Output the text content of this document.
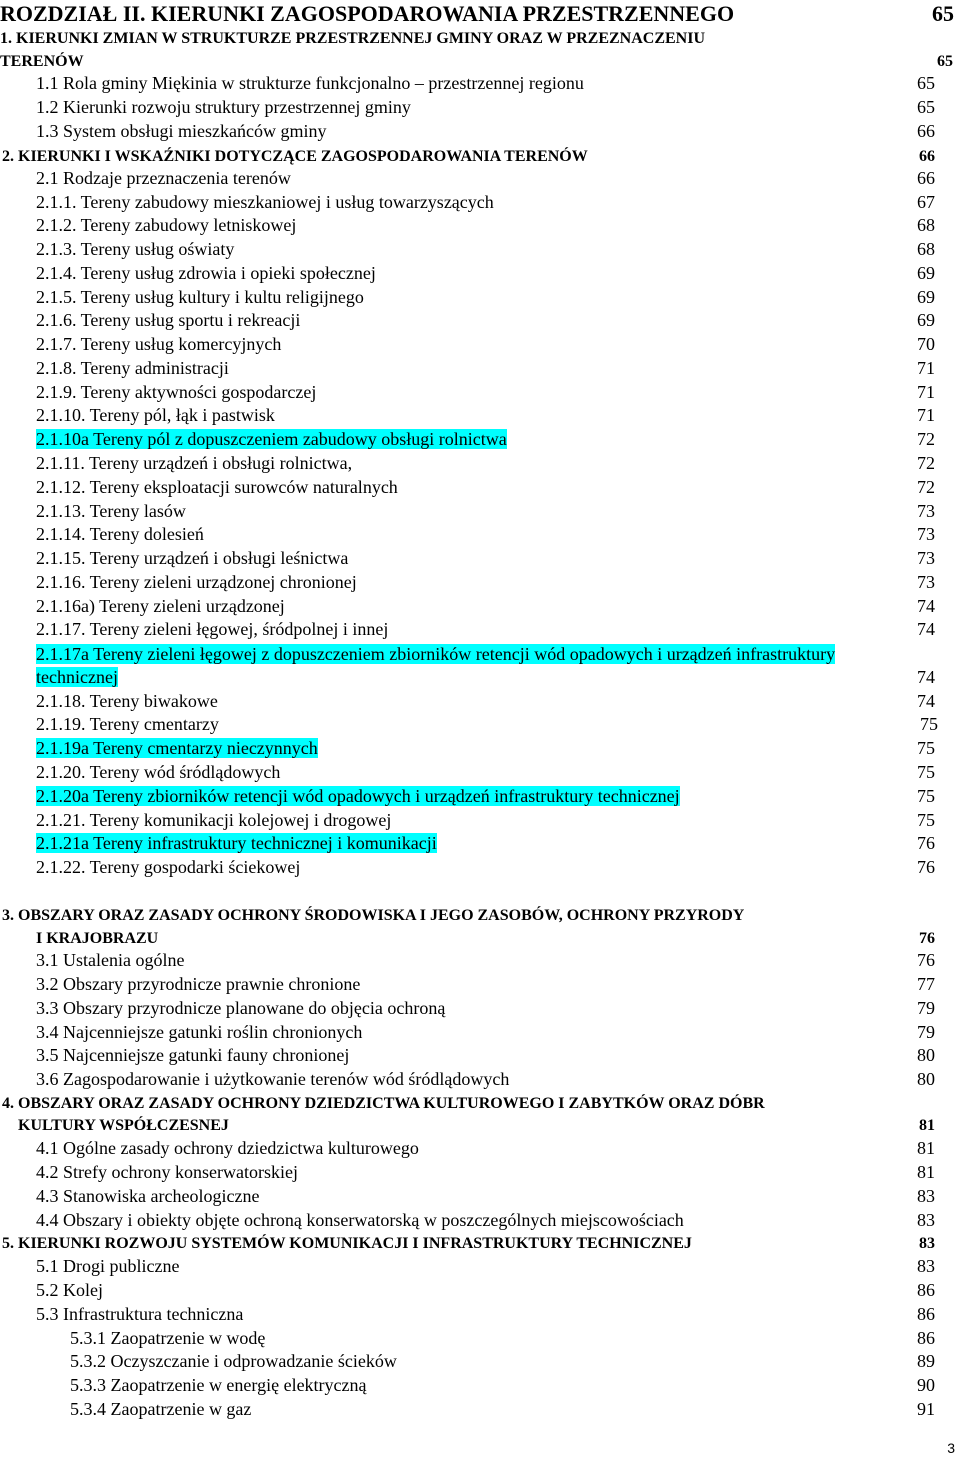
ROZDZIAŁ II. KIERUNKI ZAGOSPODAROWANIA PRZESTRZENNEGO	65
1. KIERUNKI ZMIAN W STRUKTURZE PRZESTRZENNEJ GMINY ORAZ W PRZEZNACZENIU
TERENÓW	65
1.1 Rola gminy Miękinia w strukturze funkcjonalno – przestrzennej regionu	65
1.2 Kierunki rozwoju struktury przestrzennej gminy	65
1.3 System obsługi mieszkańców gminy	66
2. KIERUNKI I WSKAŹNIKI DOTYCZĄCE ZAGOSPODAROWANIA TERENÓW	66
2.1 Rodzaje przeznaczenia terenów	66
2.1.1. Tereny zabudowy mieszkaniowej i usług towarzyszących	67
2.1.2. Tereny zabudowy letniskowej	68
2.1.3. Tereny usług oświaty	68
2.1.4. Tereny usług zdrowia i opieki społecznej	69
2.1.5. Tereny usług kultury i kultu religijnego	69
2.1.6. Tereny usług sportu i rekreacji	69
2.1.7. Tereny usług komercyjnych	70
2.1.8. Tereny administracji	71
2.1.9. Tereny aktywności gospodarczej	71
2.1.10. Tereny pól, łąk i pastwisk	71
2.1.10a Tereny pól z dopuszczeniem zabudowy obsługi rolnictwa	72
2.1.11. Tereny urządzeń i obsługi rolnictwa,	72
2.1.12. Tereny eksploatacji surowców naturalnych	72
2.1.13. Tereny lasów	73
2.1.14. Tereny dolesień	73
2.1.15. Tereny urządzeń i obsługi leśnictwa	73
2.1.16. Tereny zieleni urządzonej chronionej	73
2.1.16a) Tereny zieleni urządzonej	74
2.1.17. Tereny zieleni łęgowej, śródpolnej i innej	74
2.1.17a Tereny zieleni łęgowej z dopuszczeniem zbiorników retencji wód opadowych i urządzeń infrastruktury
technicznej	74
2.1.18. Tereny biwakowe	74
2.1.19. Tereny cmentarzy	75
2.1.19a Tereny cmentarzy nieczynnych	75
2.1.20. Tereny wód śródlądowych	75
2.1.20a Tereny zbiorników retencji wód opadowych i urządzeń infrastruktury technicznej	75
2.1.21. Tereny komunikacji kolejowej i drogowej	75
2.1.21a Tereny infrastruktury technicznej i komunikacji	76
2.1.22. Tereny gospodarki ściekowej	76
3. OBSZARY ORAZ ZASADY OCHRONY ŚRODOWISKA I JEGO ZASOBÓW, OCHRONY PRZYRODY
I KRAJOBRAZU	76
3.1 Ustalenia ogólne	76
3.2 Obszary przyrodnicze prawnie chronione	77
3.3 Obszary przyrodnicze planowane do objęcia ochroną	79
3.4 Najcenniejsze gatunki roślin chronionych	79
3.5 Najcenniejsze gatunki fauny chronionej	80
3.6 Zagospodarowanie i użytkowanie terenów wód śródlądowych	80
4. OBSZARY ORAZ ZASADY OCHRONY DZIEDZICTWA KULTUROWEGO I ZABYTKÓW ORAZ DÓBR
KULTURY WSPÓŁCZESNEJ	81
4.1 Ogólne zasady ochrony dziedzictwa kulturowego	81
4.2 Strefy ochrony konserwatorskiej	81
4.3 Stanowiska archeologiczne	83
4.4 Obszary i obiekty objęte ochroną konserwatorską w poszczególnych miejscowościach	83
5. KIERUNKI ROZWOJU SYSTEMÓW KOMUNIKACJI I INFRASTRUKTURY TECHNICZNEJ	83
5.1 Drogi publiczne	83
5.2 Kolej	86
5.3 Infrastruktura techniczna	86
5.3.1 Zaopatrzenie w wodę	86
5.3.2 Oczyszczanie i odprowadzanie ścieków	89
5.3.3 Zaopatrzenie w energię elektryczną	90
5.3.4 Zaopatrzenie w gaz	91
3
